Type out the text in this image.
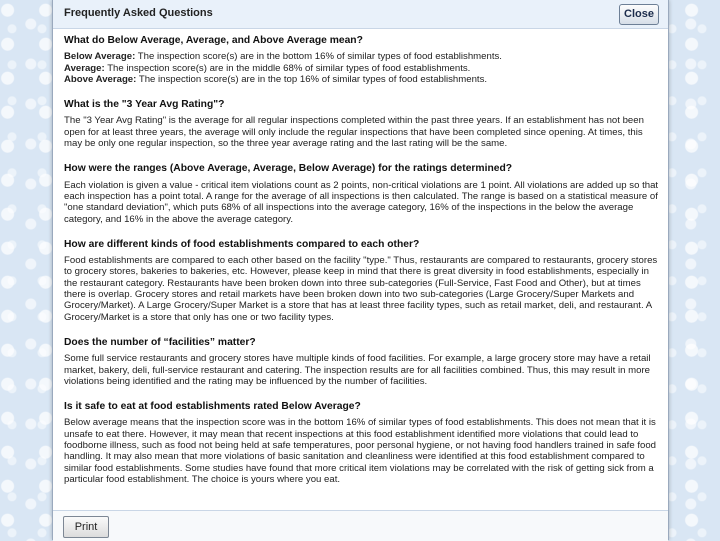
Frequently Asked Questions	Close
What do Below Average, Average, and Above Average mean?
Below Average: The inspection score(s) are in the bottom 16% of similar types of food establishments.
Average: The inspection score(s) are in the middle 68% of similar types of food establishments.
Above Average: The inspection score(s) are in the top 16% of similar types of food establishments.
What is the "3 Year Avg Rating"?
The "3 Year Avg Rating" is the average for all regular inspections completed within the past three years. If an establishment has not been open for at least three years, the average will only include the regular inspections that have been completed since opening. At times, this may be only one regular inspection, so the three year average rating and the last rating will be the same.
How were the ranges (Above Average, Average, Below Average) for the ratings determined?
Each violation is given a value - critical item violations count as 2 points, non-critical violations are 1 point. All violations are added up so that each inspection has a point total. A range for the average of all inspections is then calculated. The range is based on a statistical measure of "one standard deviation", which puts 68% of all inspections into the average category, 16% of the inspections in the below the average category, and 16% in the above the average category.
How are different kinds of food establishments compared to each other?
Food establishments are compared to each other based on the facility "type." Thus, restaurants are compared to restaurants, grocery stores to grocery stores, bakeries to bakeries, etc. However, please keep in mind that there is great diversity in food establishments, especially in the restaurant category. Restaurants have been broken down into three sub-categories (Full-Service, Fast Food and Other), but at times there is overlap. Grocery stores and retail markets have been broken down into two sub-categories (Large Grocery/Super Markets and Grocery/Market). A Large Grocery/Super Market is a store that has at least three facility types, such as retail market, deli, and restaurant. A Grocery/Market is a store that only has one or two facility types.
Does the number of “facilities” matter?
Some full service restaurants and grocery stores have multiple kinds of food facilities. For example, a large grocery store may have a retail market, bakery, deli, full-service restaurant and catering. The inspection results are for all facilities combined. Thus, this may result in more violations being identified and the rating may be influenced by the number of facilities.
Is it safe to eat at food establishments rated Below Average?
Below average means that the inspection score was in the bottom 16% of similar types of food establishments. This does not mean that it is unsafe to eat there. However, it may mean that recent inspections at this food establishment identified more violations that could lead to foodborne illness, such as food not being held at safe temperatures, poor personal hygiene, or not having food handlers trained in safe food handling. It may also mean that more violations of basic sanitation and cleanliness were identified at this food establishment compared to similar food establishments. Some studies have found that more critical item violations may be correlated with the risk of getting sick from a particular food establishment. The choice is yours where you eat.
Print
